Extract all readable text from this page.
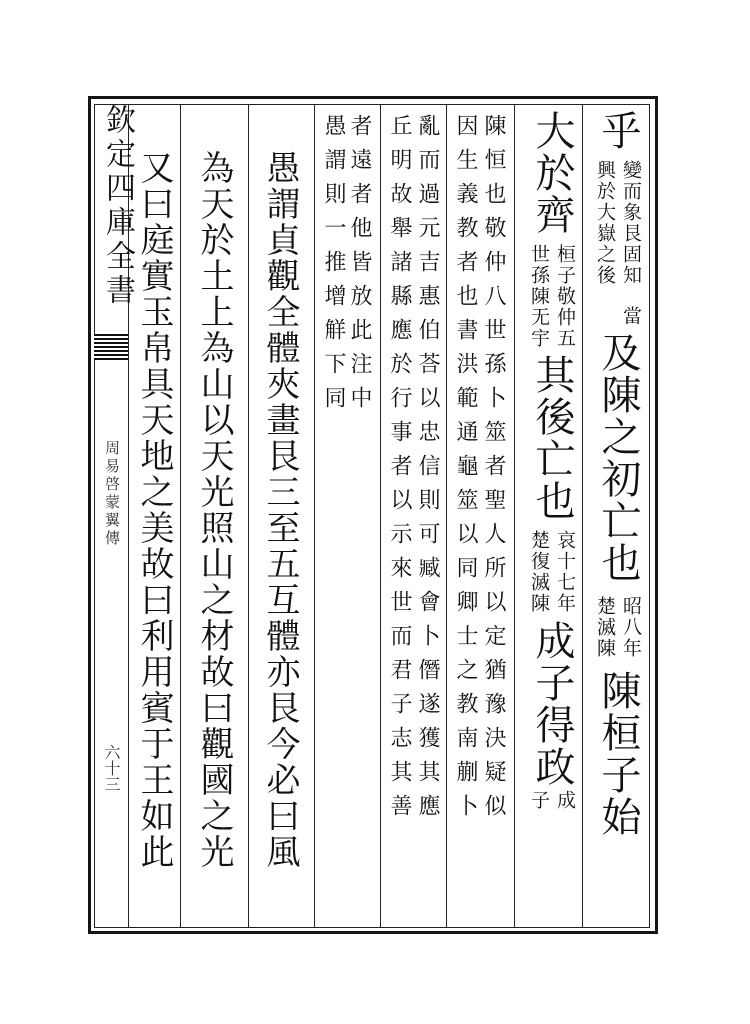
欽定四庫全書
周易啓蒙翼傳
六十三
乎
變而象艮固知
興於大嶽之後
當
及陳之初亡也
昭八年
楚滅陳
陳桓子始
大於齊
桓子敬仲五
世孫陳无宇
其後亡也
哀十七年
楚復滅陳
成子得政
成
子
陳恒也敬仲八世孫卜筮者聖人所以定猶豫決疑似
因生義教者也書洪範通龜筮以同卿士之教南蒯卜
亂而過元吉惠伯荅以忠信則可臧會卜僭遂獲其應
丘明故舉諸縣應於行事者以示來世而君子志其善
者遠者他皆放此注中
愚謂則一推增觧下同
愚謂貞觀全體夾畫艮三至五互體亦艮今必曰風
為天於土上為山以天光照山之材故曰觀國之光
又曰庭實玉帛具天地之美故曰利用賓于王如此
